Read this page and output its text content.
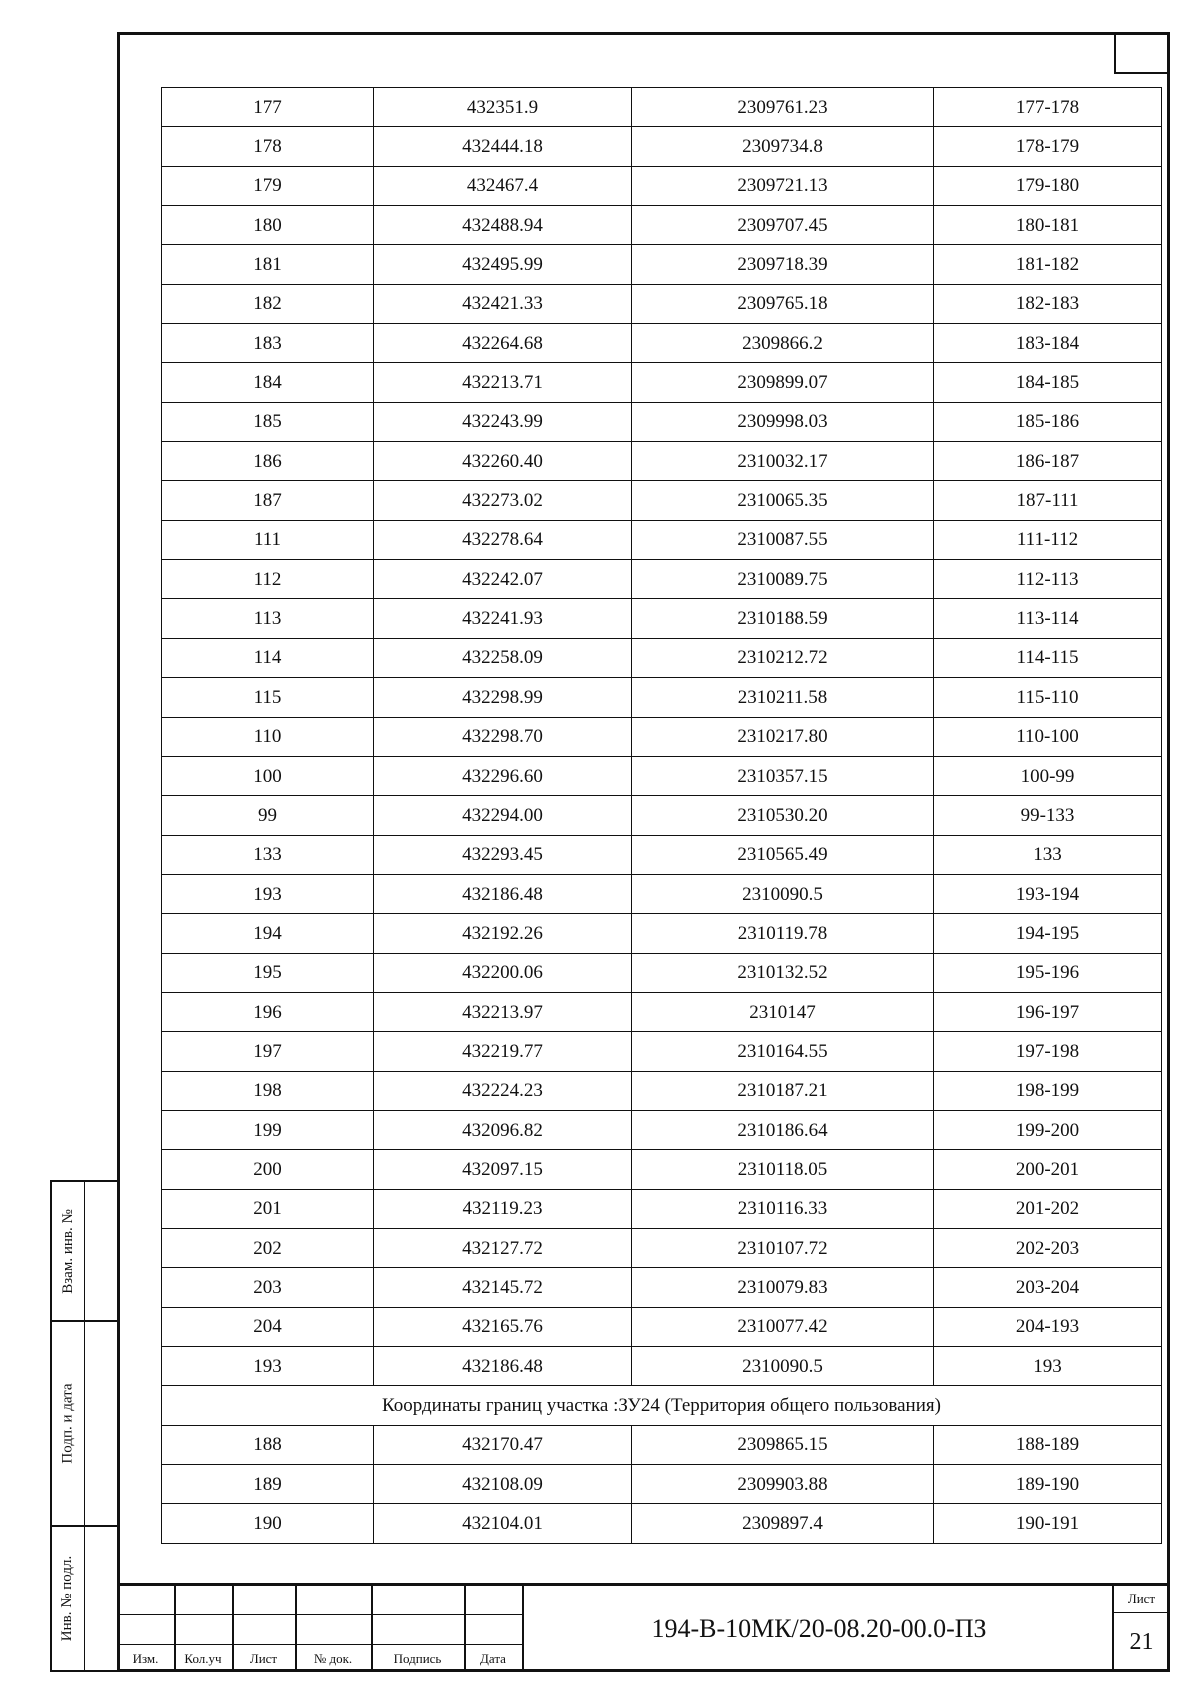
Взам. инв. №
Подп. и дата
Инв. № подл.
177	432351.9	2309761.23	177-178
178	432444.18	2309734.8	178-179
179	432467.4	2309721.13	179-180
180	432488.94	2309707.45	180-181
181	432495.99	2309718.39	181-182
182	432421.33	2309765.18	182-183
183	432264.68	2309866.2	183-184
184	432213.71	2309899.07	184-185
185	432243.99	2309998.03	185-186
186	432260.40	2310032.17	186-187
187	432273.02	2310065.35	187-111
111	432278.64	2310087.55	111-112
112	432242.07	2310089.75	112-113
113	432241.93	2310188.59	113-114
114	432258.09	2310212.72	114-115
115	432298.99	2310211.58	115-110
110	432298.70	2310217.80	110-100
100	432296.60	2310357.15	100-99
99	432294.00	2310530.20	99-133
133	432293.45	2310565.49	133
193	432186.48	2310090.5	193-194
194	432192.26	2310119.78	194-195
195	432200.06	2310132.52	195-196
196	432213.97	2310147	196-197
197	432219.77	2310164.55	197-198
198	432224.23	2310187.21	198-199
199	432096.82	2310186.64	199-200
200	432097.15	2310118.05	200-201
201	432119.23	2310116.33	201-202
202	432127.72	2310107.72	202-203
203	432145.72	2310079.83	203-204
204	432165.76	2310077.42	204-193
193	432186.48	2310090.5	193
Координаты границ участка :ЗУ24 (Территория общего пользования)			
188	432170.47	2309865.15	188-189
189	432108.09	2309903.88	189-190
190	432104.01	2309897.4	190-191
Изм.	Кол.уч	Лист	№ док.	Подпись	Дата
194-В-10МК/20-08.20-00.0-ПЗ
Лист
21
